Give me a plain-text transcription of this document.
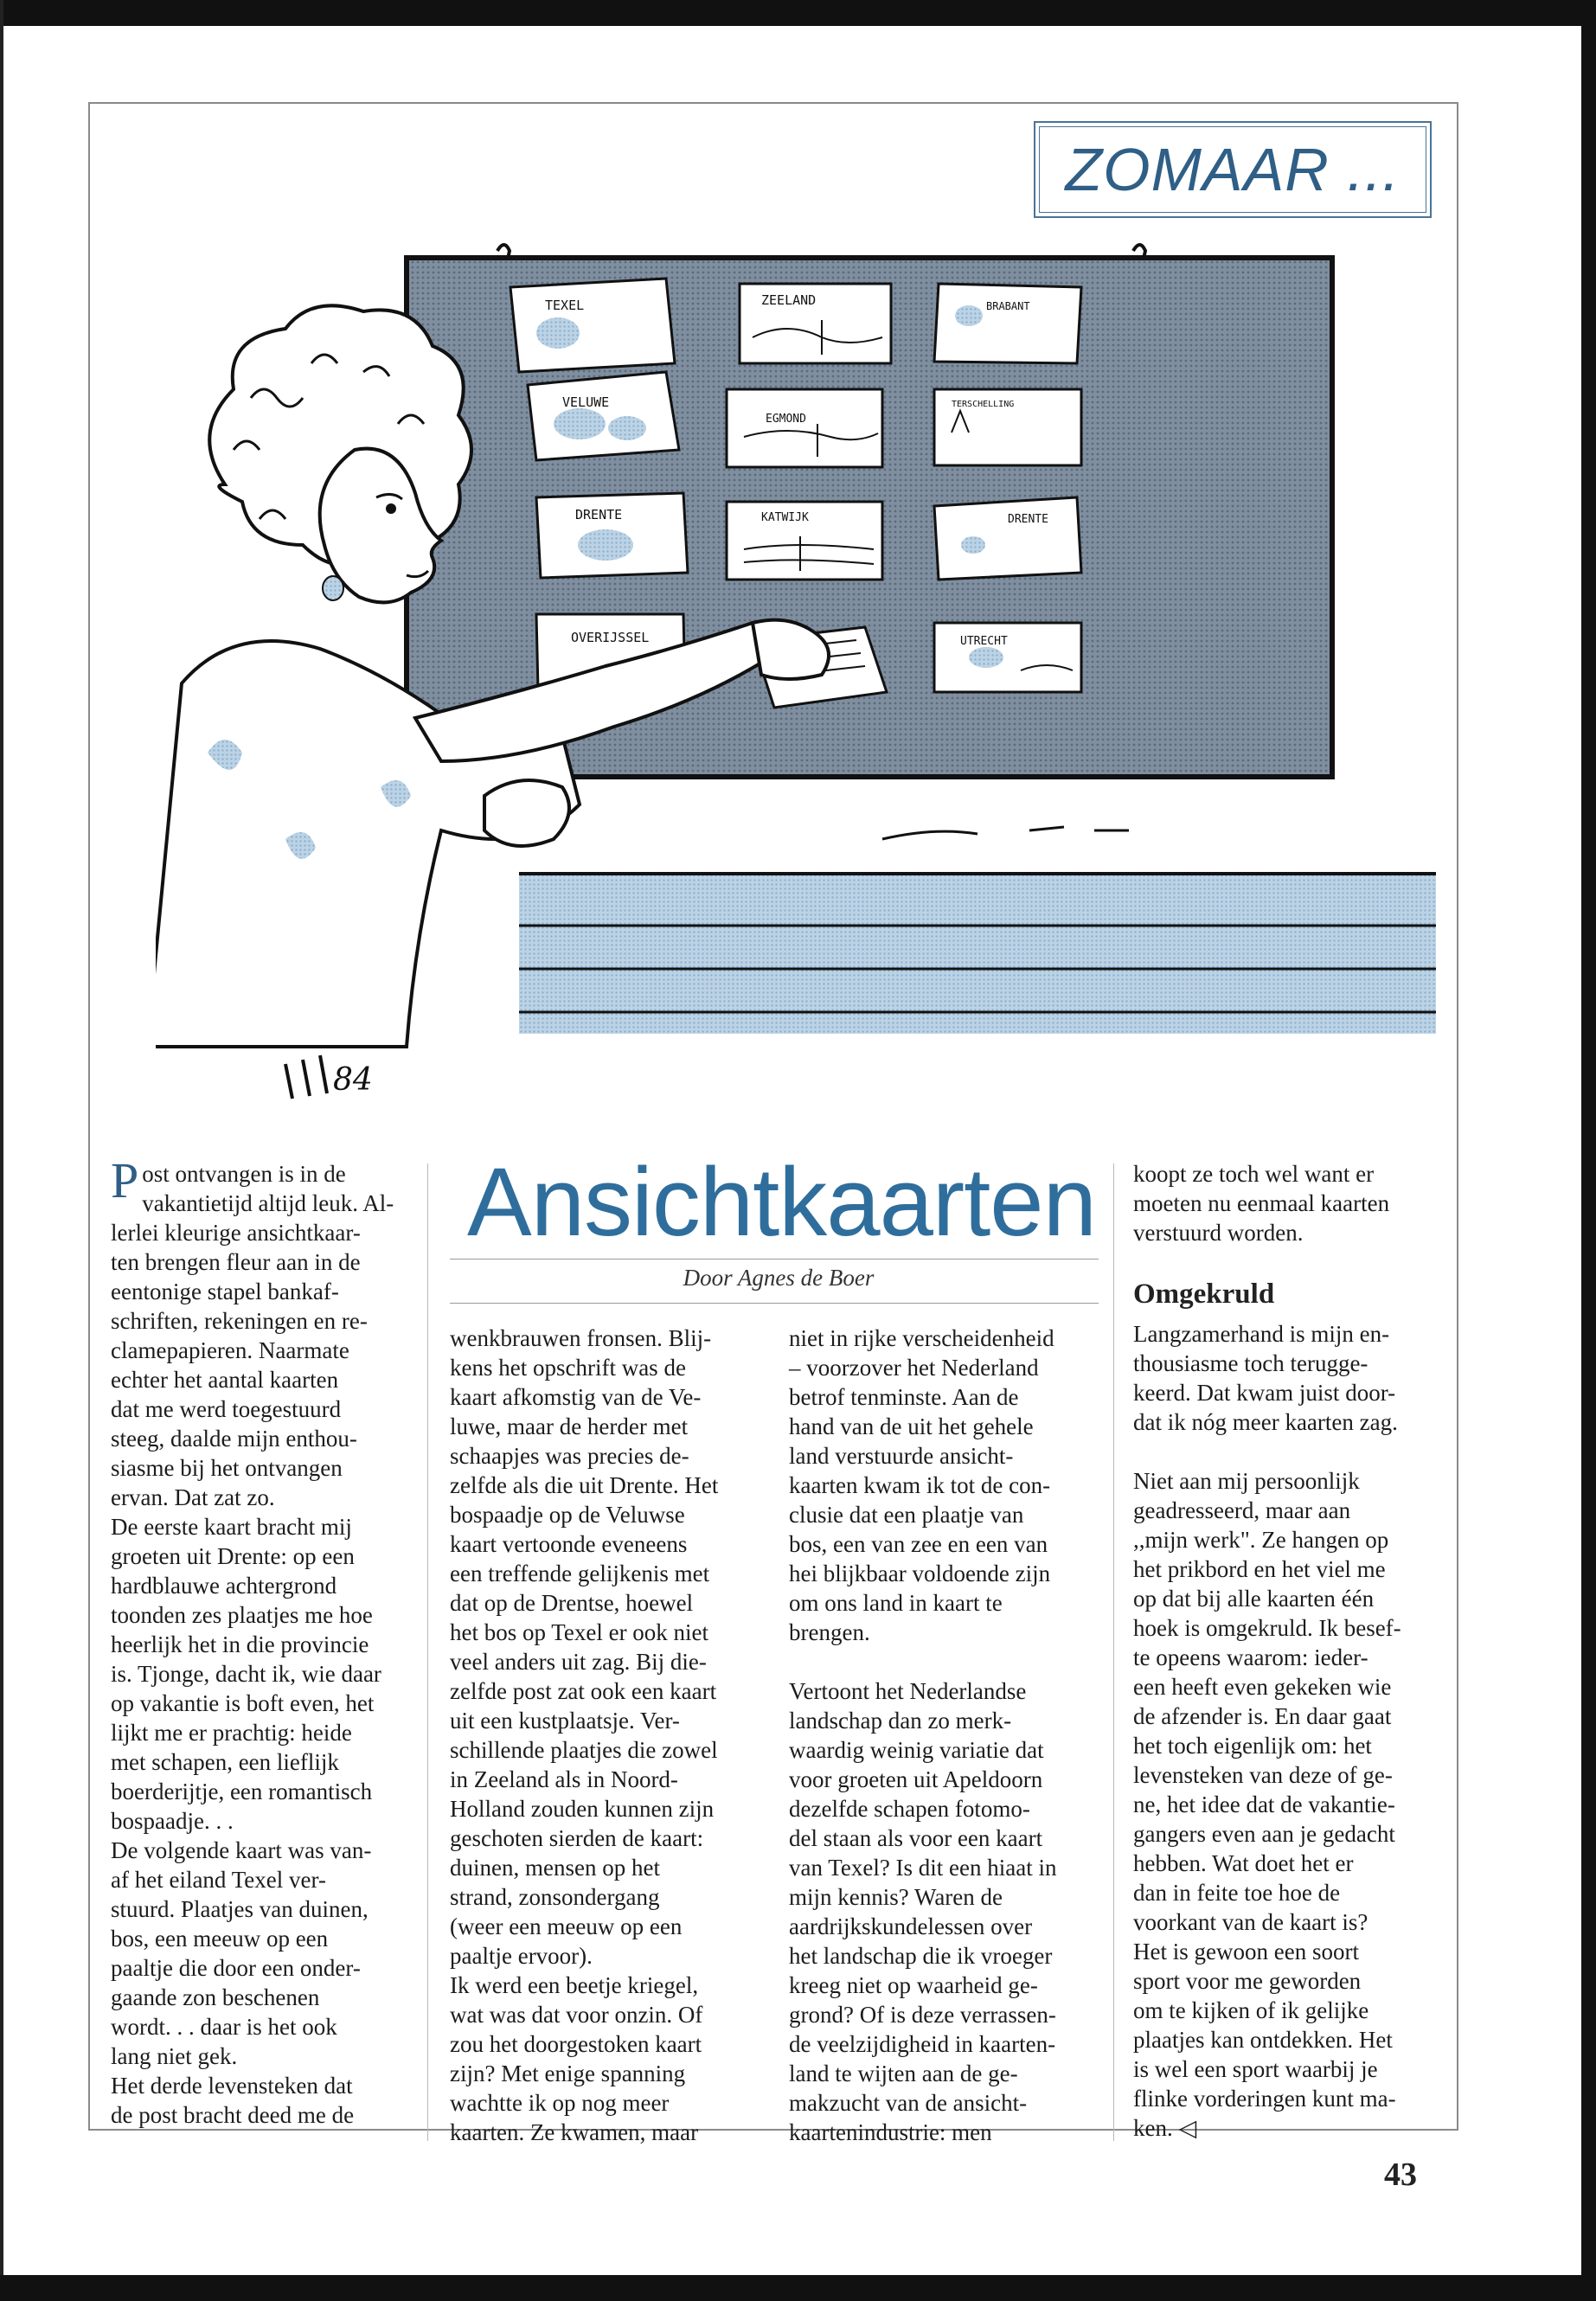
ZOMAAR ...
TEXEL	ZEELAND	BRABANT
VELUWE
EGMOND
TERSCHELLING
DRENTE	KATWIJK	DRENTE
OVERIJSSEL	UTRECHT
84

Post ontvangen is in de
vakantietijd altijd leuk. Al-
lerlei kleurige ansichtkaar-
ten brengen fleur aan in de
eentonige stapel bankaf-
schriften, rekeningen en re-
clamepapieren. Naarmate
echter het aantal kaarten
dat me werd toegestuurd
steeg, daalde mijn enthou-
siasme bij het ontvangen
ervan. Dat zat zo.

De eerste kaart bracht mij
groeten uit Drente: op een
hardblauwe achtergrond
toonden zes plaatjes me hoe
heerlijk het in die provincie
is. Tjonge, dacht ik, wie daar
op vakantie is boft even, het
lijkt me er prachtig: heide
met schapen, een lieflijk
boerderijtje, een romantisch
bospaadje. . .

De volgende kaart was van-
af het eiland Texel ver-
stuurd. Plaatjes van duinen,
bos, een meeuw op een
paaltje die door een onder-
gaande zon beschenen
wordt. . . daar is het ook
lang niet gek.

Het derde levensteken dat
de post bracht deed me de

Ansichtkaarten
Door Agnes de Boer

wenkbrauwen fronsen. Blij-
kens het opschrift was de
kaart afkomstig van de Ve-
luwe, maar de herder met
schaapjes was precies de-
zelfde als die uit Drente. Het
bospaadje op de Veluwse
kaart vertoonde eveneens
een treffende gelijkenis met
dat op de Drentse, hoewel
het bos op Texel er ook niet
veel anders uit zag. Bij die-
zelfde post zat ook een kaart
uit een kustplaatsje. Ver-
schillende plaatjes die zowel
in Zeeland als in Noord-
Holland zouden kunnen zijn
geschoten sierden de kaart:
duinen, mensen op het
strand, zonsondergang
(weer een meeuw op een
paaltje ervoor).

Ik werd een beetje kriegel,
wat was dat voor onzin. Of
zou het doorgestoken kaart
zijn? Met enige spanning
wachtte ik op nog meer
kaarten. Ze kwamen, maar

niet in rijke verscheidenheid
– voorzover het Nederland
betrof tenminste. Aan de
hand van de uit het gehele
land verstuurde ansicht-
kaarten kwam ik tot de con-
clusie dat een plaatje van
bos, een van zee en een van
hei blijkbaar voldoende zijn
om ons land in kaart te
brengen.

Vertoont het Nederlandse
landschap dan zo merk-
waardig weinig variatie dat
voor groeten uit Apeldoorn
dezelfde schapen fotomo-
del staan als voor een kaart
van Texel? Is dit een hiaat in
mijn kennis? Waren de
aardrijkskundelessen over
het landschap die ik vroeger
kreeg niet op waarheid ge-
grond? Of is deze verrassen-
de veelzijdigheid in kaarten-
land te wijten aan de ge-
makzucht van de ansicht-
kaartenindustrie: men

koopt ze toch wel want er
moeten nu eenmaal kaarten
verstuurd worden.

Omgekruld

Langzamerhand is mijn en-
thousiasme toch terugge-
keerd. Dat kwam juist door-
dat ik nóg meer kaarten zag.

Niet aan mij persoonlijk
geadresseerd, maar aan
,,mijn werk". Ze hangen op
het prikbord en het viel me
op dat bij alle kaarten één
hoek is omgekruld. Ik besef-
te opeens waarom: ieder-
een heeft even gekeken wie
de afzender is. En daar gaat
het toch eigenlijk om: het
levensteken van deze of ge-
ne, het idee dat de vakantie-
gangers even aan je gedacht
hebben. Wat doet het er
dan in feite toe hoe de
voorkant van de kaart is?
Het is gewoon een soort
sport voor me geworden
om te kijken of ik gelijke
plaatjes kan ontdekken. Het
is wel een sport waarbij je
flinke vorderingen kunt ma-
ken. ◁

43
